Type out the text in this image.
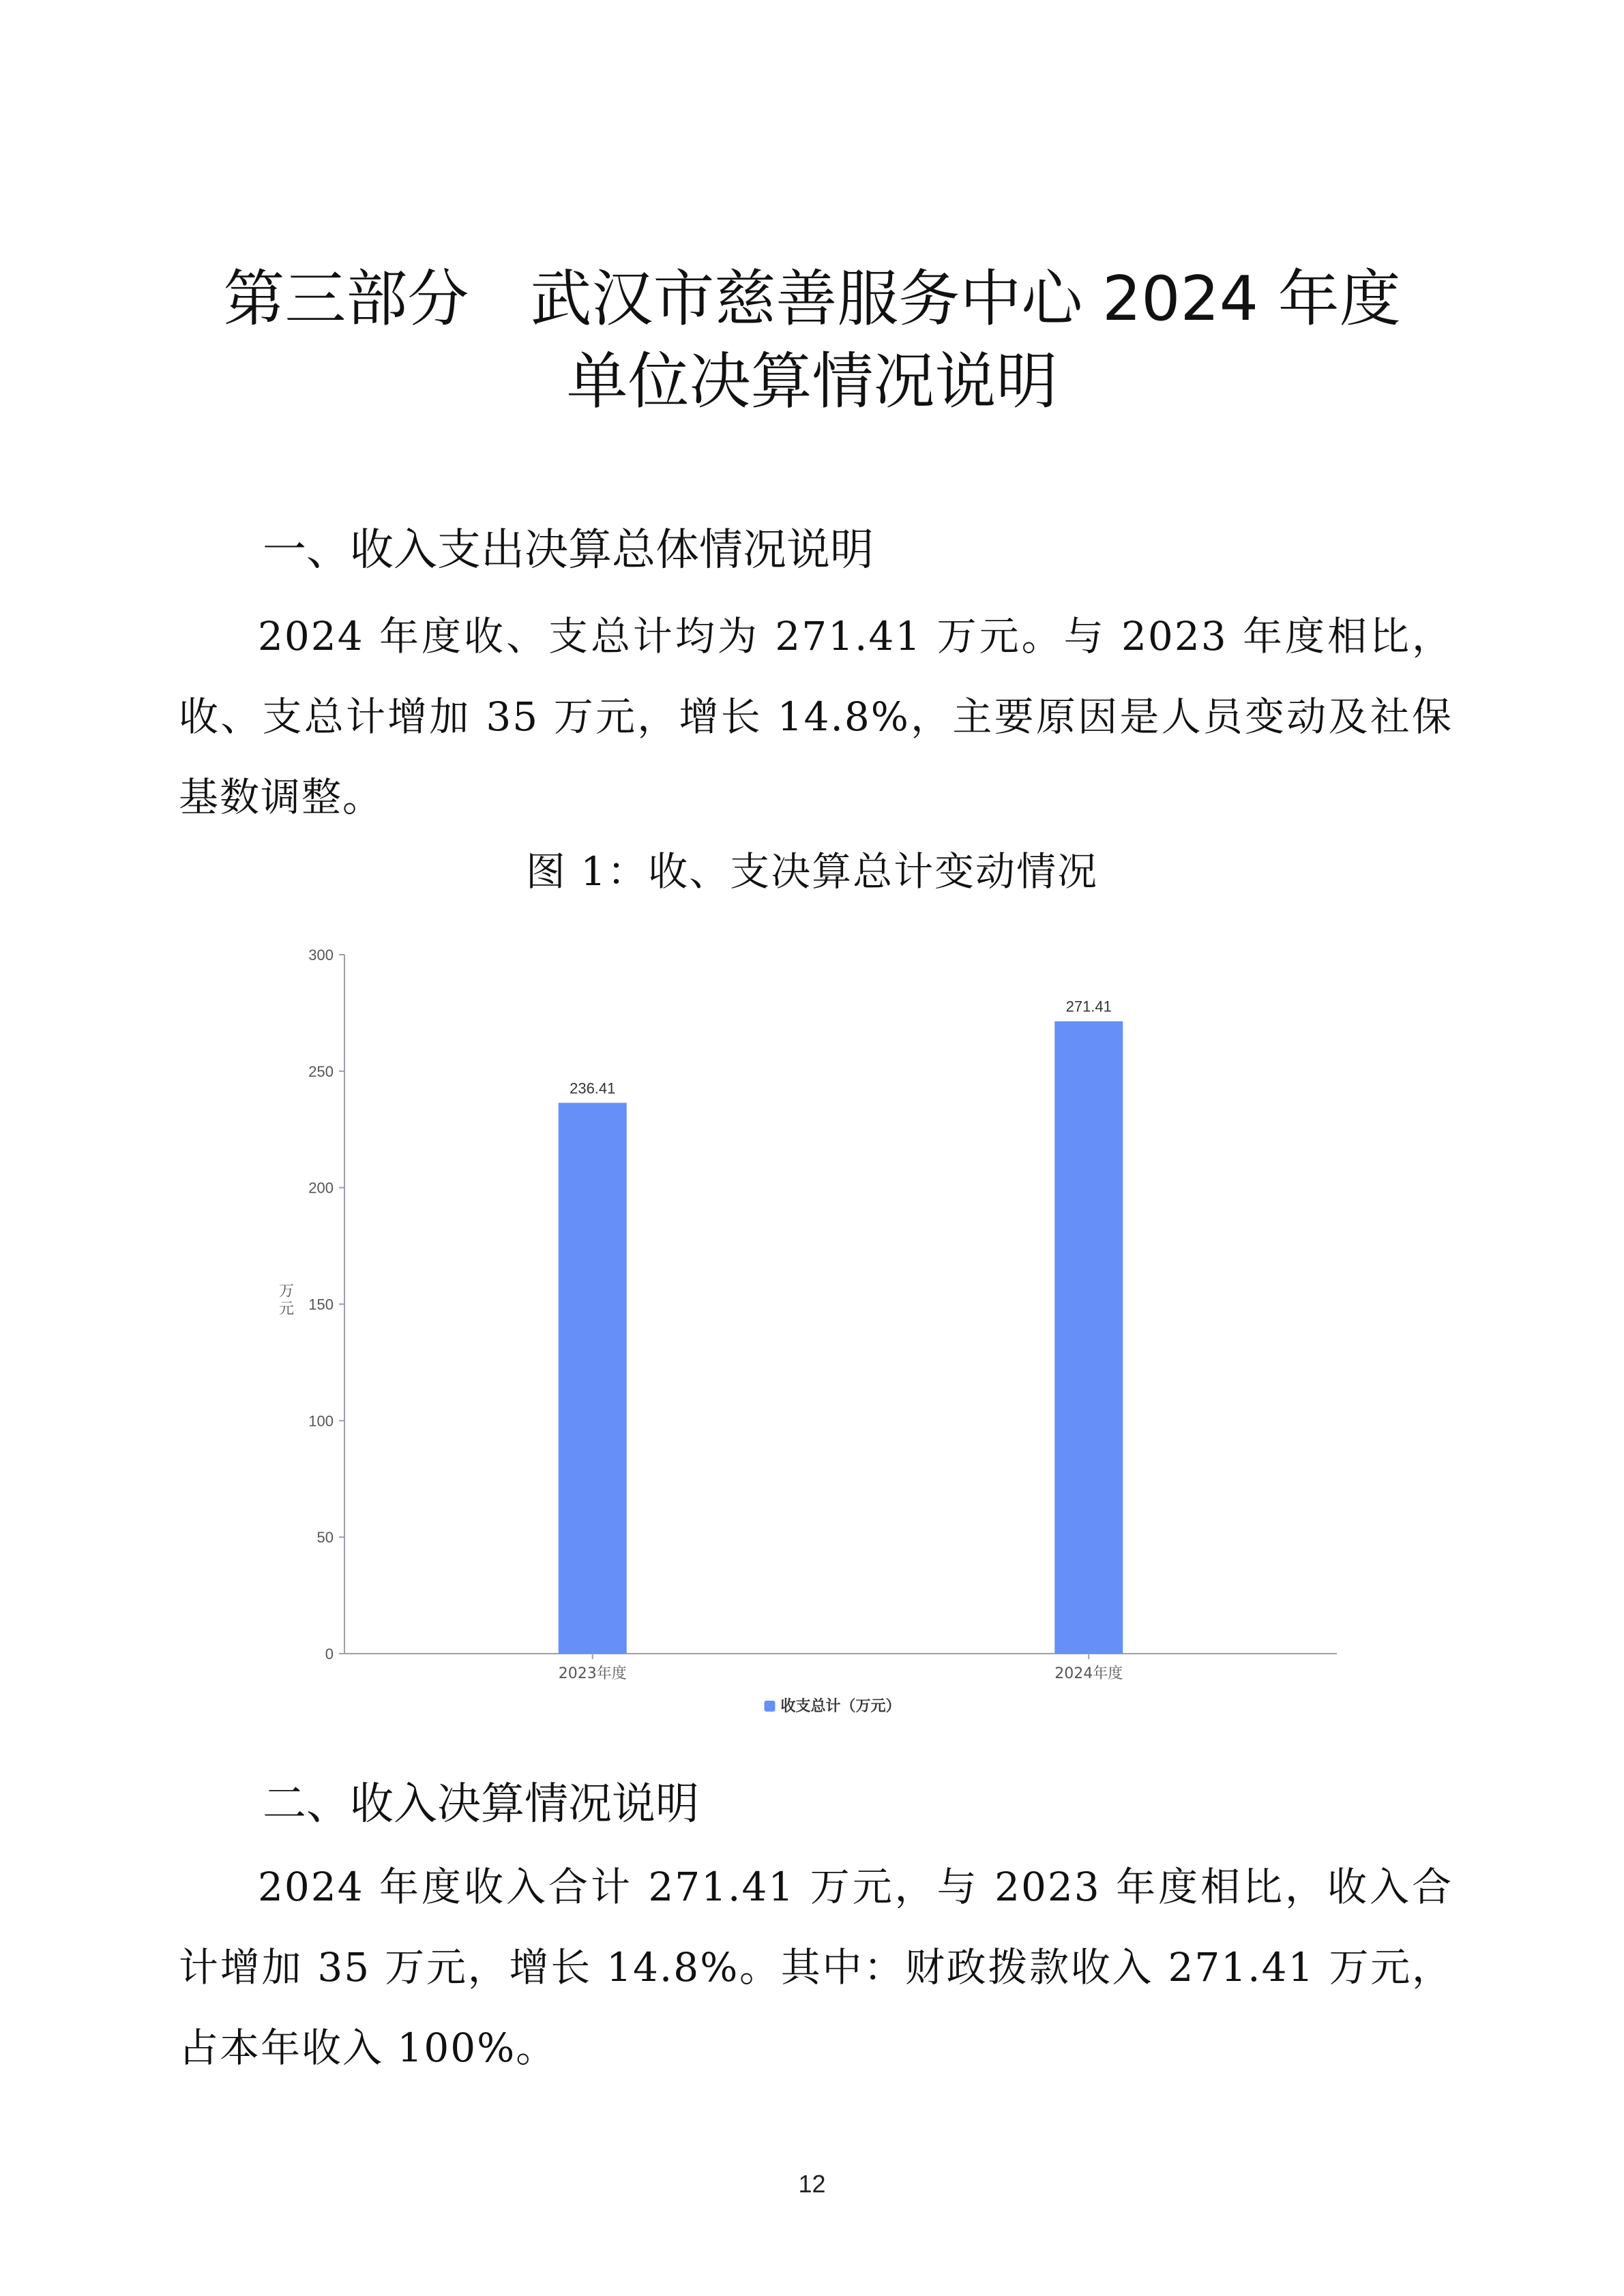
第三部分　武汉市慈善服务中心 2024 年度
单位决算情况说明
一、收入支出决算总体情况说明

2024 年度收、支总计均为 271.41 万元。与 2023 年度相比，收、支总计增加 35 万元，增长 14.8%，主要原因是人员变动及社保基数调整。

图 1：收、支决算总计变动情况

0
50
100
150
200
250
300
万
元
236.41
2023年度
271.41
2024年度
收支总计（万元）
二、收入决算情况说明

2024 年度收入合计 271.41 万元，与 2023 年度相比，收入合计增加 35 万元，增长 14.8%。其中：财政拨款收入 271.41 万元，占本年收入 100%。

12
